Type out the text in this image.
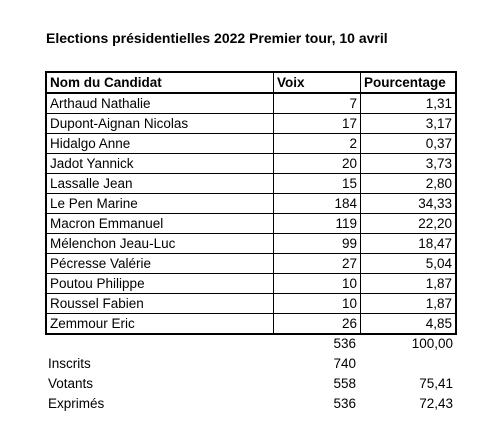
Elections présidentielles 2022 Premier tour, 10 avril
Nom du Candidat	Voix	Pourcentage
Arthaud Nathalie	7	1,31
Dupont-Aignan Nicolas	17	3,17
Hidalgo Anne	2	0,37
Jadot Yannick	20	3,73
Lassalle Jean	15	2,80
Le Pen Marine	184	34,33
Macron Emmanuel	119	22,20
Mélenchon Jeau-Luc	99	18,47
Pécresse Valérie	27	5,04
Poutou Philippe	10	1,87
Roussel Fabien	10	1,87
Zemmour Eric	26	4,85
	536	100,00
Inscrits	740	
Votants	558	75,41
Exprimés	536	72,43
